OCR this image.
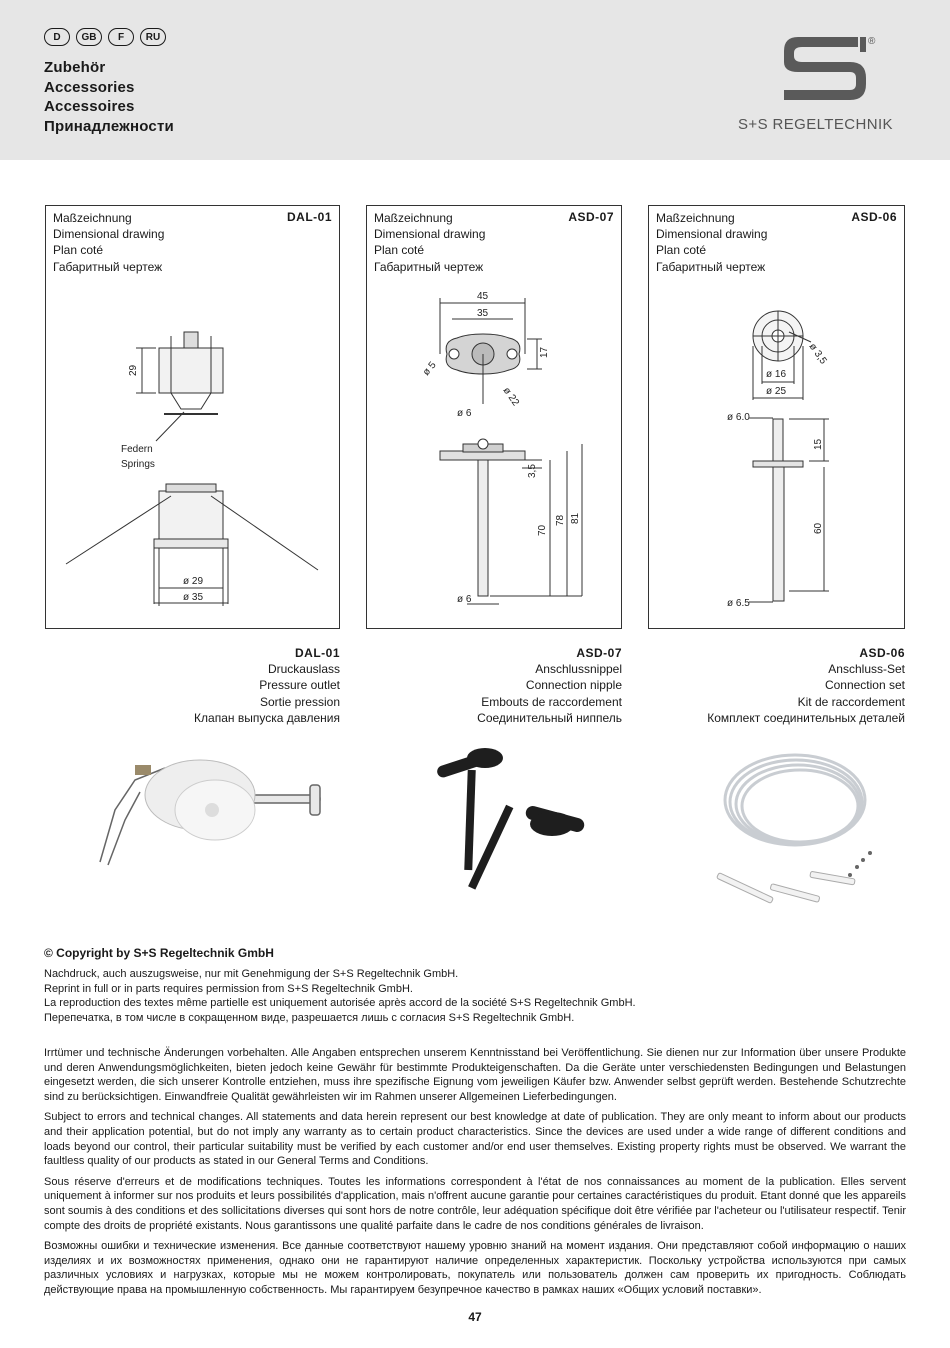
D	GB	F	RU
Zubehör
Accessories
Accessoires
Принадлежности
®
S+S REGELTECHNIK
Maßzeichnung
Dimensional drawing
Plan coté
Габаритный чертеж
DAL-01
29
Federn
Springs
ø 29
ø 35
Maßzeichnung
Dimensional drawing
Plan coté
Габаритный чертеж
ASD-07
45
35
17
ø 5
ø 22
ø 6
3,5
70
78 81
ø 6
Maßzeichnung
Dimensional drawing
Plan coté
Габаритный чертеж
ASD-06
ø 3,5
ø 16
ø 25
ø 6.0
15
60
ø 6.5
DAL-01
Druckauslass
Pressure outlet
Sortie pression
Клапан выпуска давления
ASD-07
Anschlussnippel
Connection nipple
Embouts de raccordement
Соединительный ниппель
ASD-06
Anschluss-Set
Connection set
Kit de raccordement
Комплект соединительных деталей
© Copyright by S+S Regeltechnik GmbH
Nachdruck, auch auszugsweise, nur mit Genehmigung der S+S Regeltechnik GmbH.
Reprint in full or in parts requires permission from S+S Regeltechnik GmbH.
La reproduction des textes même partielle est uniquement autorisée après accord de la société S+S Regeltechnik GmbH.
Перепечатка, в том числе в сокращенном виде, разрешается лишь с согласия S+S Regeltechnik GmbH.

Irrtümer und technische Änderungen vorbehalten. Alle Angaben entsprechen unserem Kenntnisstand bei Veröffentlichung. Sie dienen nur zur Information über unsere Produkte und deren Anwendungsmöglichkeiten, bieten jedoch keine Gewähr für bestimmte Produkteigenschaften. Da die Geräte unter verschiedensten Bedingungen und Belastungen eingesetzt werden, die sich unserer Kontrolle entziehen, muss ihre spezifische Eignung vom jeweiligen Käufer bzw. Anwender selbst geprüft werden. Bestehende Schutzrechte sind zu berücksichtigen. Einwandfreie Qualität gewährleisten wir im Rahmen unserer Allgemeinen Lieferbedingungen.

Subject to errors and technical changes. All statements and data herein represent our best knowledge at date of publication. They are only meant to inform about our products and their application potential, but do not imply any warranty as to certain product characteristics. Since the devices are used under a wide range of different conditions and loads beyond our control, their particular suitability must be verified by each customer and/or end user themselves. Existing property rights must be observed. We warrant the faultless quality of our products as stated in our General Terms and Conditions.

Sous réserve d'erreurs et de modifications techniques. Toutes les informations correspondent à l'état de nos connaissances au moment de la publication. Elles servent uniquement à informer sur nos produits et leurs possibilités d'application, mais n'offrent aucune garantie pour certaines caractéristiques du produit. Etant donné que les appareils sont soumis à des conditions et des sollicitations diverses qui sont hors de notre contrôle, leur adéquation spécifique doit être vérifiée par l'acheteur ou l'utilisateur respectif. Tenir compte des droits de propriété existants. Nous garantissons une qualité parfaite dans le cadre de nos conditions générales de livraison.

Возможны ошибки и технические изменения. Все данные соответствуют нашему уровню знаний на момент издания. Они представляют собой информацию о наших изделиях и их возможностях применения, однако они не гарантируют наличие определенных характеристик. Поскольку устройства используются при самых различных условиях и нагрузках, которые мы не можем контролировать, покупатель или пользователь должен сам проверить их пригодность. Соблюдать действующие права на промышленную собственность. Мы гарантируем безупречное качество в рамках наших «Общих условий поставки».

47
